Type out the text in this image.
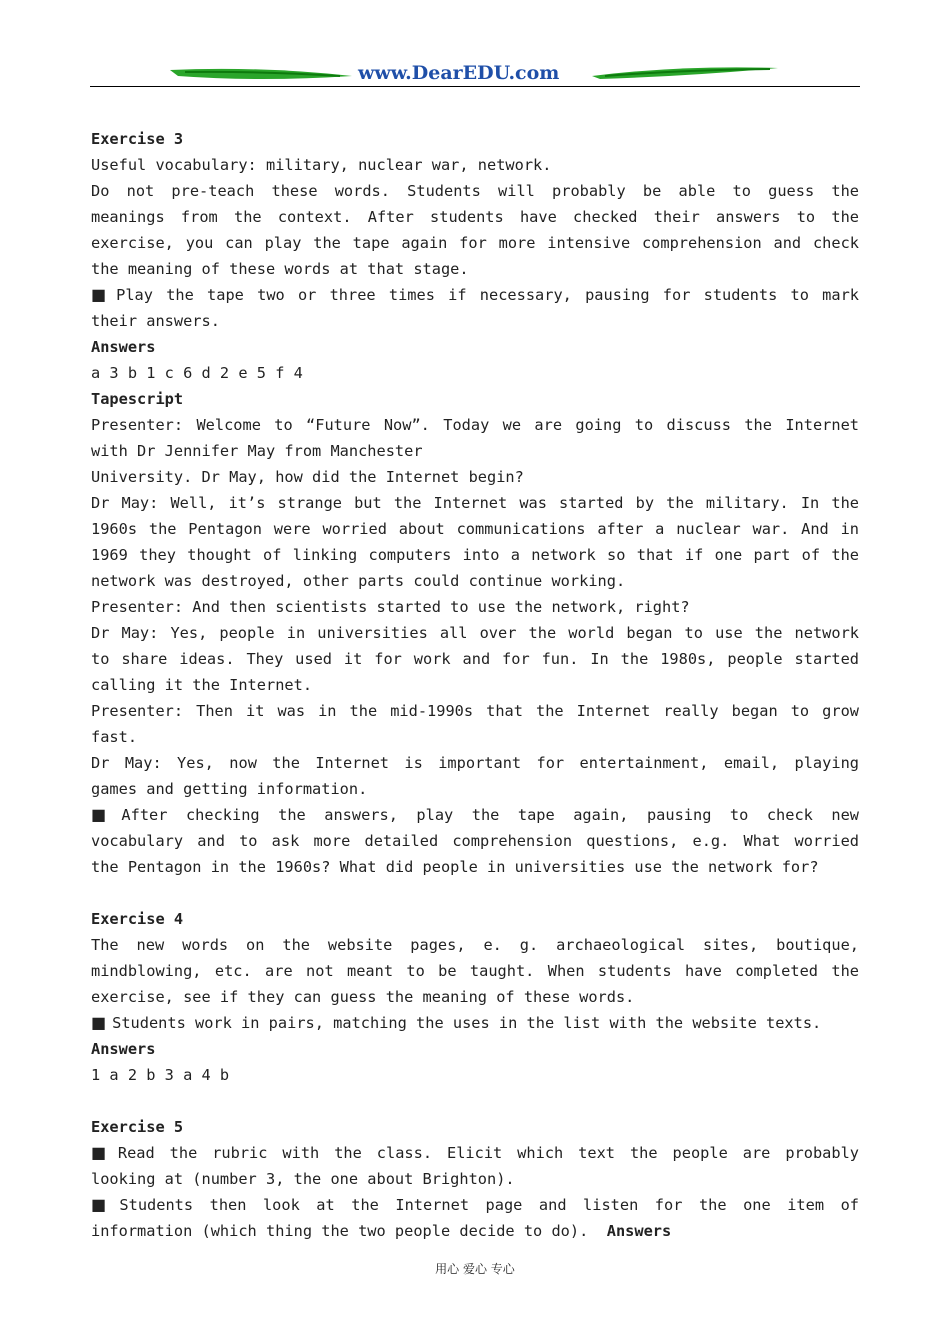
www.DearEDU.com
Exercise 3
Useful vocabulary: military, nuclear war, network.
Do not pre-teach these words. Students will probably be able to guess the
meanings from the context. After students have checked their answers to the
exercise, you can play the tape again for more intensive comprehension and check
the meaning of these words at that stage.
■ Play the tape two or three times if necessary, pausing for students to mark
their answers.
Answers
a 3 b 1 c 6 d 2 e 5 f 4
Tapescript
Presenter: Welcome to “Future Now”. Today we are going to discuss the Internet
with Dr Jennifer May from Manchester
University. Dr May, how did the Internet begin?
Dr May: Well, it’s strange but the Internet was started by the military. In the
1960s the Pentagon were worried about communications after a nuclear war. And in
1969 they thought of linking computers into a network so that if one part of the
network was destroyed, other parts could continue working.
Presenter: And then scientists started to use the network, right?
Dr May: Yes, people in universities all over the world began to use the network
to share ideas. They used it for work and for fun. In the 1980s, people started
calling it the Internet.
Presenter: Then it was in the mid-1990s that the Internet really began to grow
fast.
Dr May: Yes, now the Internet is important for entertainment, email, playing
games and getting information.
■ After checking the answers, play the tape again, pausing to check new
vocabulary and to ask more detailed comprehension questions, e.g. What worried
the Pentagon in the 1960s? What did people in universities use the network for?
Exercise 4
The new words on the website pages, e. g. archaeological sites, boutique,
mindblowing, etc. are not meant to be taught. When students have completed the
exercise, see if they can guess the meaning of these words.
■ Students work in pairs, matching the uses in the list with the website texts.
Answers
1 a 2 b 3 a 4 b
Exercise 5
■ Read the rubric with the class. Elicit which text the people are probably
looking at (number 3, the one about Brighton).
■ Students then look at the Internet page and listen for the one item of
information (which thing the two people decide to do). Answers
用心 爱心 专心
